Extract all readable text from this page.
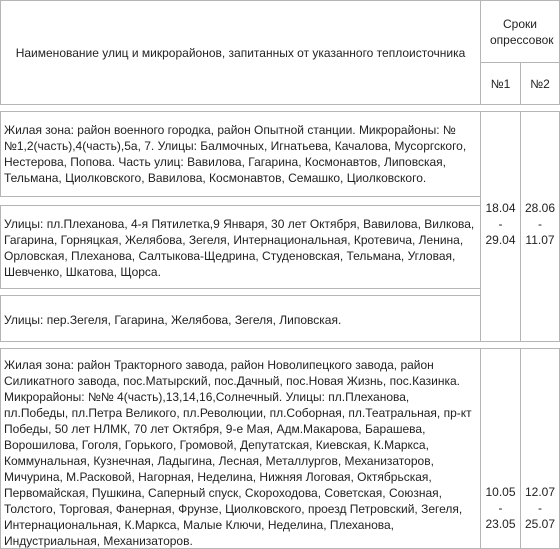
Наименование улиц и микрорайонов, запитанных от указанного теплоисточника
Сроки опрессовок
№1 №2
Жилая зона: район военного городка, район Опытной станции. Микрорайоны: № №1,2(часть),4(часть),5а, 7. Улицы: Балмочных, Игнатьева, Качалова, Мусоргского, Нестерова, Попова. Часть улиц: Вавилова, Гагарина, Космонавтов, Липовская, Тельмана, Циолковского, Вавилова, Космонавтов, Семашко, Циолковского.
Улицы: пл.Плеханова, 4-я Пятилетка,9 Января, 30 лет Октября, Вавилова, Вилкова, Гагарина, Горняцкая, Желябова, Зегеля, Интернациональная, Кротевича, Ленина, Орловская, Плеханова, Салтыкова-Щедрина, Студеновская, Тельмана, Угловая, Шевченко, Шкатова, Щорса.
Улицы: пер.Зегеля, Гагарина, Желябова, Зегеля, Липовская.
Жилая зона: район Тракторного завода, район Новолипецкого завода, район Силикатного завода, пос.Матырский, пос.Дачный, пос.Новая Жизнь, пос.Казинка. Микрорайоны: №№ 4(часть),13,14,16,Солнечный. Улицы: пл.Плеханова, пл.Победы, пл.Петра Великого, пл.Революции, пл.Соборная, пл.Театральная, пр-кт Победы, 50 лет НЛМК, 70 лет Октября, 9-е Мая, Адм.Макарова, Барашева, Ворошилова, Гоголя, Горького, Громовой, Депутатская, Киевская, К.Маркса, Коммунальная, Кузнечная, Ладыгина, Лесная, Металлургов, Механизаторов, Мичурина, М.Расковой, Нагорная, Неделина, Нижняя Логовая, Октябрьская, Первомайская, Пушкина, Саперный спуск, Скороходова, Советская, Союзная, Толстого, Торговая, Фанерная, Фрунзе, Циолковского, проезд Петровский, Зегеля, Интернациональная, К.Маркса, Малые Ключи, Неделина, Плеханова, Индустриальная, Механизаторов.
18.04
-
29.04
28.06
-
11.07
10.05
-
23.05
12.07
-
25.07
